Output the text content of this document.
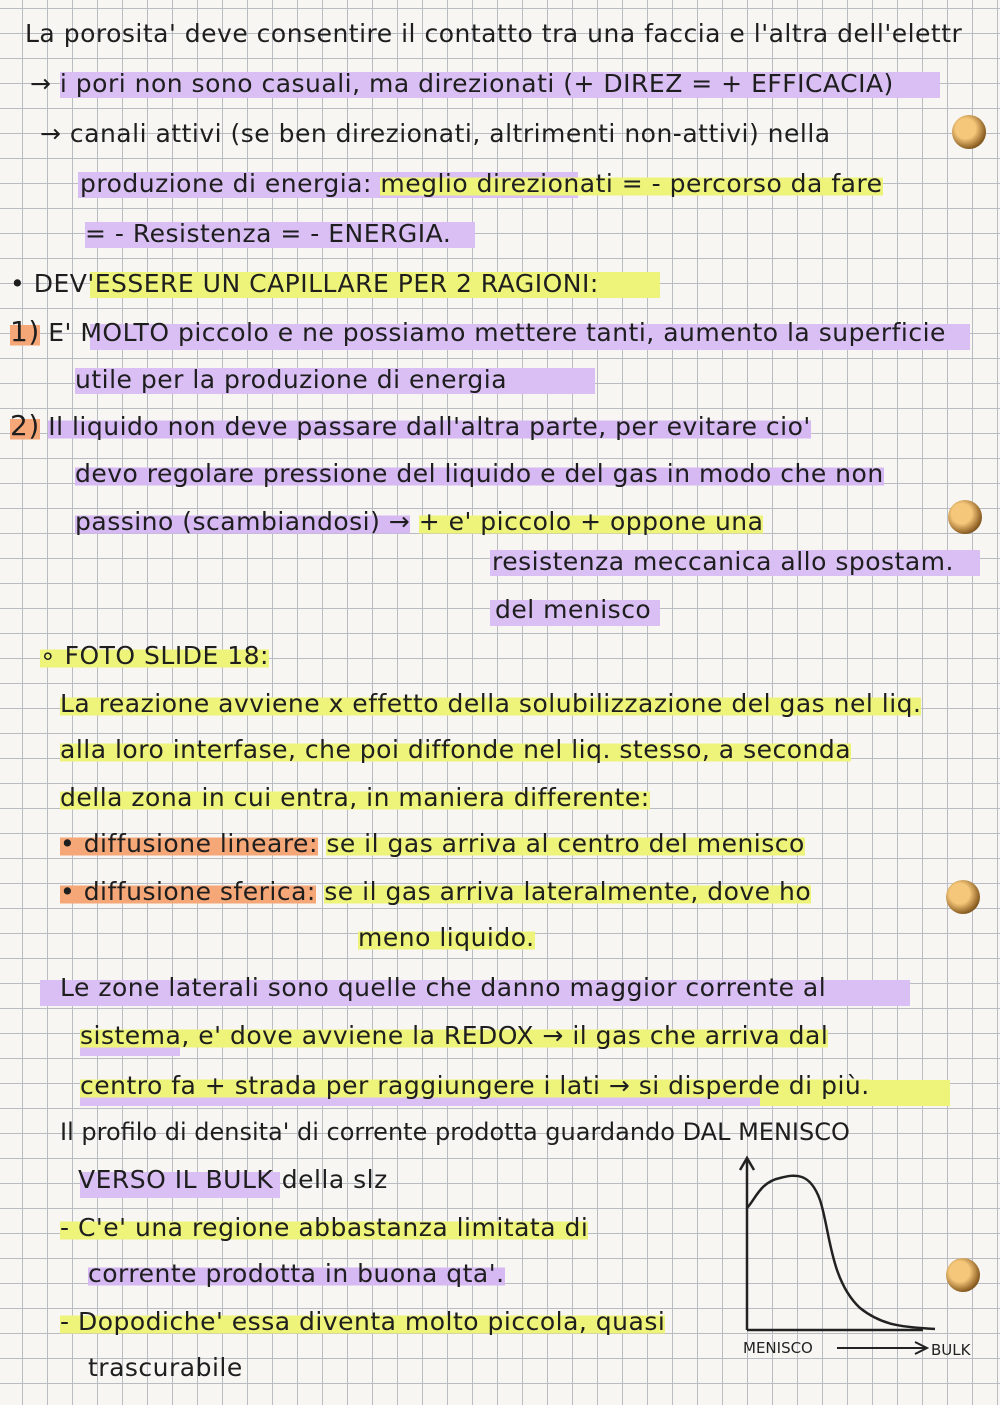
La porosita' deve consentire il contatto tra una faccia e l'altra dell'elettr
→ i pori non sono casuali, ma direzionati (+ DIREZ = + EFFICACIA)
→ canali attivi (se ben direzionati, altrimenti non-attivi) nella
produzione di energia: meglio direzionati = - percorso da fare
= - Resistenza = - ENERGIA.
• DEV'ESSERE UN CAPILLARE PER 2 RAGIONI:
1) E' MOLTO piccolo e ne possiamo mettere tanti, aumento la superficie
utile per la produzione di energia
2) Il liquido non deve passare dall'altra parte, per evitare cio'
devo regolare pressione del liquido e del gas in modo che non
passino (scambiandosi) → + e' piccolo + oppone una
resistenza meccanica allo spostam.
del menisco
∘ FOTO SLIDE 18:
La reazione avviene x effetto della solubilizzazione del gas nel liq.
alla loro interfase, che poi diffonde nel liq. stesso, a seconda
della zona in cui entra, in maniera differente:
• diffusione lineare: se il gas arriva al centro del menisco
• diffusione sferica: se il gas arriva lateralmente, dove ho
meno liquido.
Le zone laterali sono quelle che danno maggior corrente al
sistema, e' dove avviene la REDOX → il gas che arriva dal
centro fa + strada per raggiungere i lati → si disperde di più.
Il profilo di densita' di corrente prodotta guardando DAL MENISCO
VERSO IL BULK della slz
- C'e' una regione abbastanza limitata di
corrente prodotta in buona qta'.
- Dopodiche' essa diventa molto piccola, quasi
trascurabile
MENISCO	BULK
